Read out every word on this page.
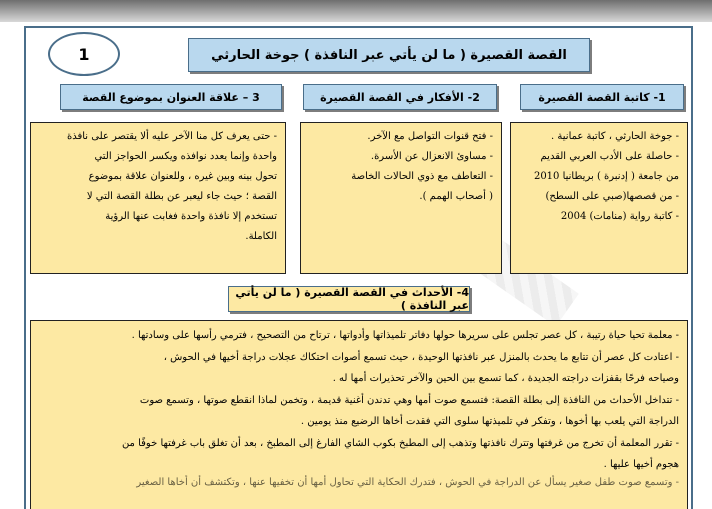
1	القصة القصيرة ( ما لن يأتي عبر النافذة ) جوخة الحارثي
1- كاتبة القصة القصيرة
2- الأفكار في القصة القصيرة
3 – علاقة العنوان بموضوع القصة
- جوخة الحارثي ، كاتبة عمانية .
- حاصلة على الأدب العربي القديم
من جامعة ( إدنبرة ) بريطانيا 2010
- من قصصها(صبي على السطح)
- كاتبة رواية (منامات) 2004
- فتح قنوات التواصل مع الآخر.
- مساوئ الانعزال عن الأسرة.
- التعاطف مع ذوي الحالات الخاصة
( أصحاب الهمم ).
- حتى يعرف كل منا الآخر عليه ألا يقتصر على نافذة
واحدة وإنما يعدد نوافذه ويكسر الحواجز التي
تحول بينه وبين غيره ، وللعنوان علاقة بموضوع
القصة ؛ حيث جاء ليعبر عن بطلة القصة التي لا
تستخدم إلا نافذة واحدة فغابت عنها الرؤية
الكاملة.
4- الأحداث في القصة القصيرة ( ما لن يأتي عبر النافذة )
- معلمة تحيا حياة رتيبة ، كل عصر تجلس على سريرها حولها دفاتر تلميذاتها وأدواتها ، ترتاح من التصحيح ، فترمي رأسها على وسادتها .
- اعتادت كل عصر أن تتابع ما يحدث بالمنزل عبر نافذتها الوحيدة ، حيث تسمع أصوات احتكاك عجلات دراجة أخيها في الحوش ،
وصياحه فرحًا بقفزات دراجته الجديدة ، كما تسمع بين الحين والآخر تحذيرات أمها له .
- تتداخل الأحداث من النافذة إلى بطلة القصة: فتسمع صوت أمها وهي تدندن أغنية قديمة ، وتخمن لماذا انقطع صوتها ، وتسمع صوت
الدراجة التي يلعب بها أخوها ، وتفكر في تلميذتها سلوى التي فقدت أخاها الرضيع منذ يومين .
- تقرر المعلمة أن تخرج من غرفتها وتترك نافذتها وتذهب إلى المطبخ بكوب الشاي الفارغ إلى المطبخ ، بعد أن تغلق باب غرفتها خوفًا من
هجوم أخيها عليها .
- وتسمع صوت طفل صغير يسأل عن الدراجة في الحوش ، فتدرك الحكاية التي تحاول أمها أن تخفيها عنها ، وتكتشف أن أخاها الصغير
